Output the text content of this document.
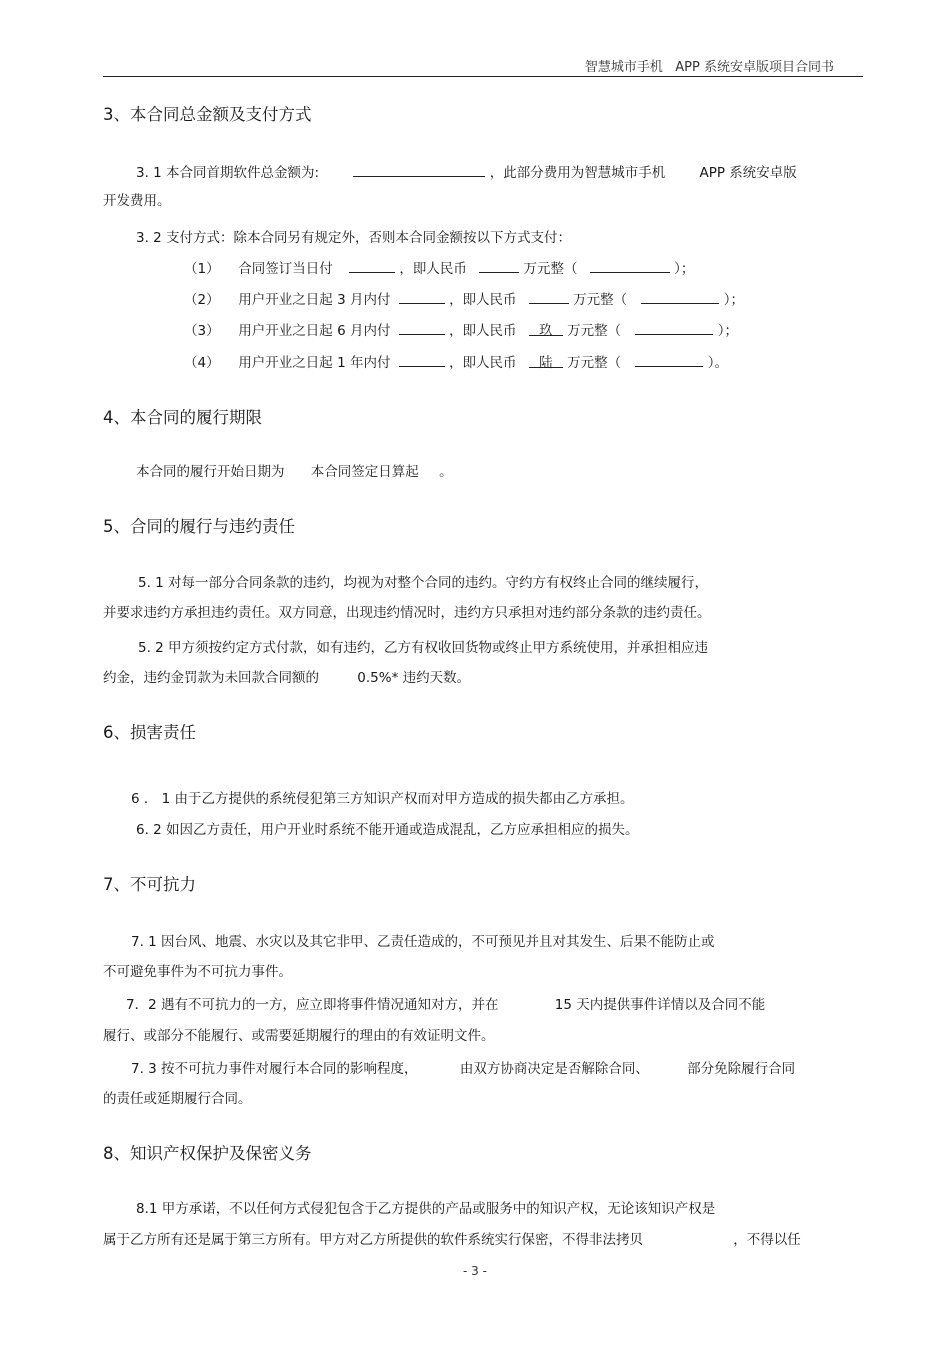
智慧城市手机   APP 系统安卓版项目合同书
3、本合同总金额及支付方式
3. 1 本合同首期软件总金额为:	，此部分费用为智慧城市手机	APP 系统安卓版
开发费用。
3. 2 支付方式：除本合同另有规定外，否则本合同金额按以下方式支付：
（1） 合同签订当日付	，即人民币	万元整（	）；
（2） 用户开业之日起 3 月内付	，即人民币	万元整（	）；
（3） 用户开业之日起 6 月内付	，即人民币 玖 万元整（	）；
（4） 用户开业之日起 1 年内付	，即人民币 陆 万元整（	）。
4、本合同的履行期限
本合同的履行开始日期为 本合同签定日算起 。
5、合同的履行与违约责任
5. 1 对每一部分合同条款的违约，均视为对整个合同的违约。守约方有权终止合同的继续履行，
并要求违约方承担违约责任。双方同意，出现违约情况时，违约方只承担对违约部分条款的违约责任。
5. 2 甲方须按约定方式付款，如有违约，乙方有权收回货物或终止甲方系统使用，并承担相应违
约金，违约金罚款为未回款合同额的	0.5%* 违约天数。
6、损害责任
6 ． 1 由于乙方提供的系统侵犯第三方知识产权而对甲方造成的损失都由乙方承担。
6. 2 如因乙方责任，用户开业时系统不能开通或造成混乱，乙方应承担相应的损失。
7、不可抗力
7. 1 因台风、地震、水灾以及其它非甲、乙责任造成的，不可预见并且对其发生、后果不能防止或
不可避免事件为不可抗力事件。
7．2 遇有不可抗力的一方，应立即将事件情况通知对方，并在	15 天内提供事件详情以及合同不能
履行、或部分不能履行、或需要延期履行的理由的有效证明文件。
7. 3 按不可抗力事件对履行本合同的影响程度，	由双方协商决定是否解除合同、	部分免除履行合同
的责任或延期履行合同。
8、知识产权保护及保密义务
8.1 甲方承诺，不以任何方式侵犯包含于乙方提供的产品或服务中的知识产权，无论该知识产权是
属于乙方所有还是属于第三方所有。甲方对乙方所提供的软件系统实行保密，不得非法拷贝	，不得以任
- 3 -
